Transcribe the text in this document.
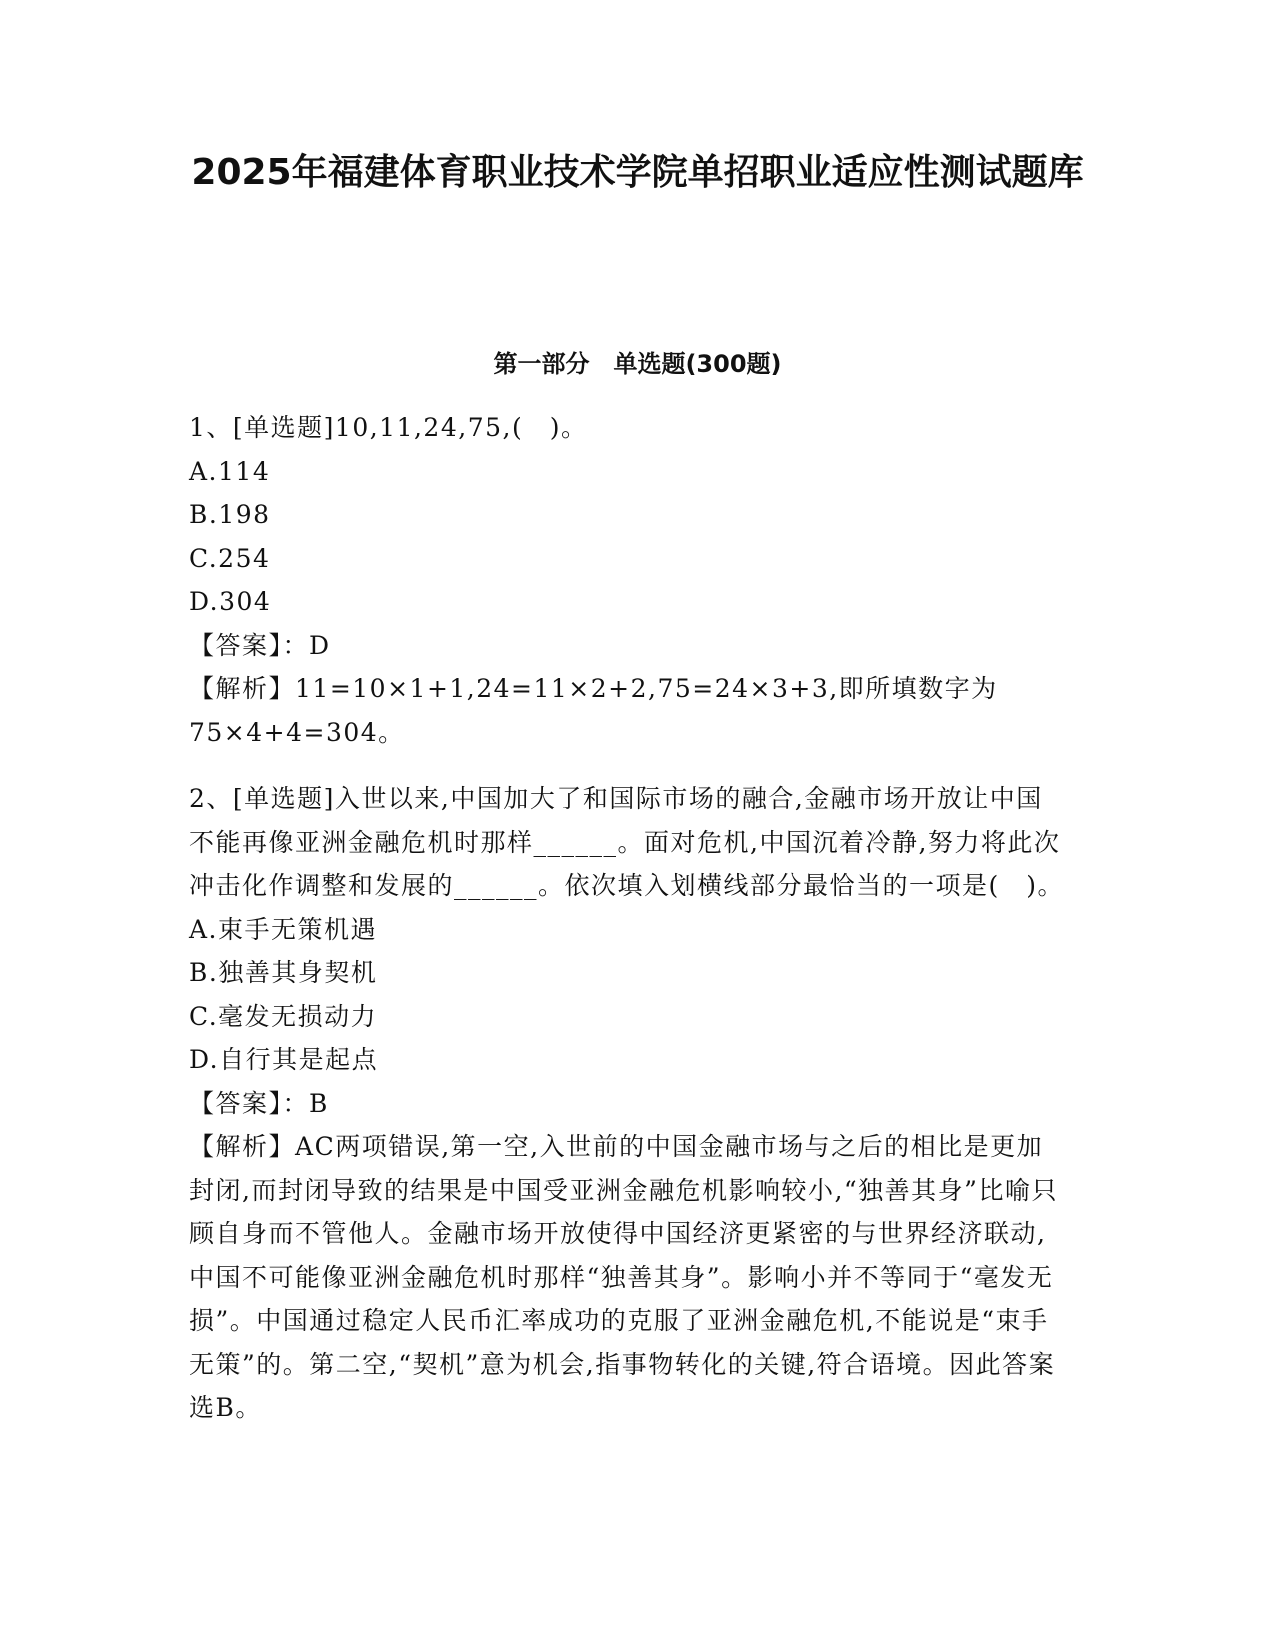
2025年福建体育职业技术学院单招职业适应性测试题库
第一部分　单选题(300题)

1、[单选题]10,11,24,75,(　)。

A.114

B.198

C.254

D.304

【答案】：D

【解析】11=10×1+1,24=11×2+2,75=24×3+3,即所填数字为75×4+4=304。

2、[单选题]入世以来,中国加大了和国际市场的融合,金融市场开放让中国不能再像亚洲金融危机时那样______。面对危机,中国沉着冷静,努力将此次冲击化作调整和发展的______。依次填入划横线部分最恰当的一项是(　)。

A.束手无策机遇

B.独善其身契机

C.毫发无损动力

D.自行其是起点

【答案】：B

【解析】AC两项错误,第一空,入世前的中国金融市场与之后的相比是更加封闭,而封闭导致的结果是中国受亚洲金融危机影响较小,“独善其身”比喻只顾自身而不管他人。金融市场开放使得中国经济更紧密的与世界经济联动,中国不可能像亚洲金融危机时那样“独善其身”。影响小并不等同于“毫发无损”。中国通过稳定人民币汇率成功的克服了亚洲金融危机,不能说是“束手无策”的。第二空,“契机”意为机会,指事物转化的关键,符合语境。因此答案选B。
